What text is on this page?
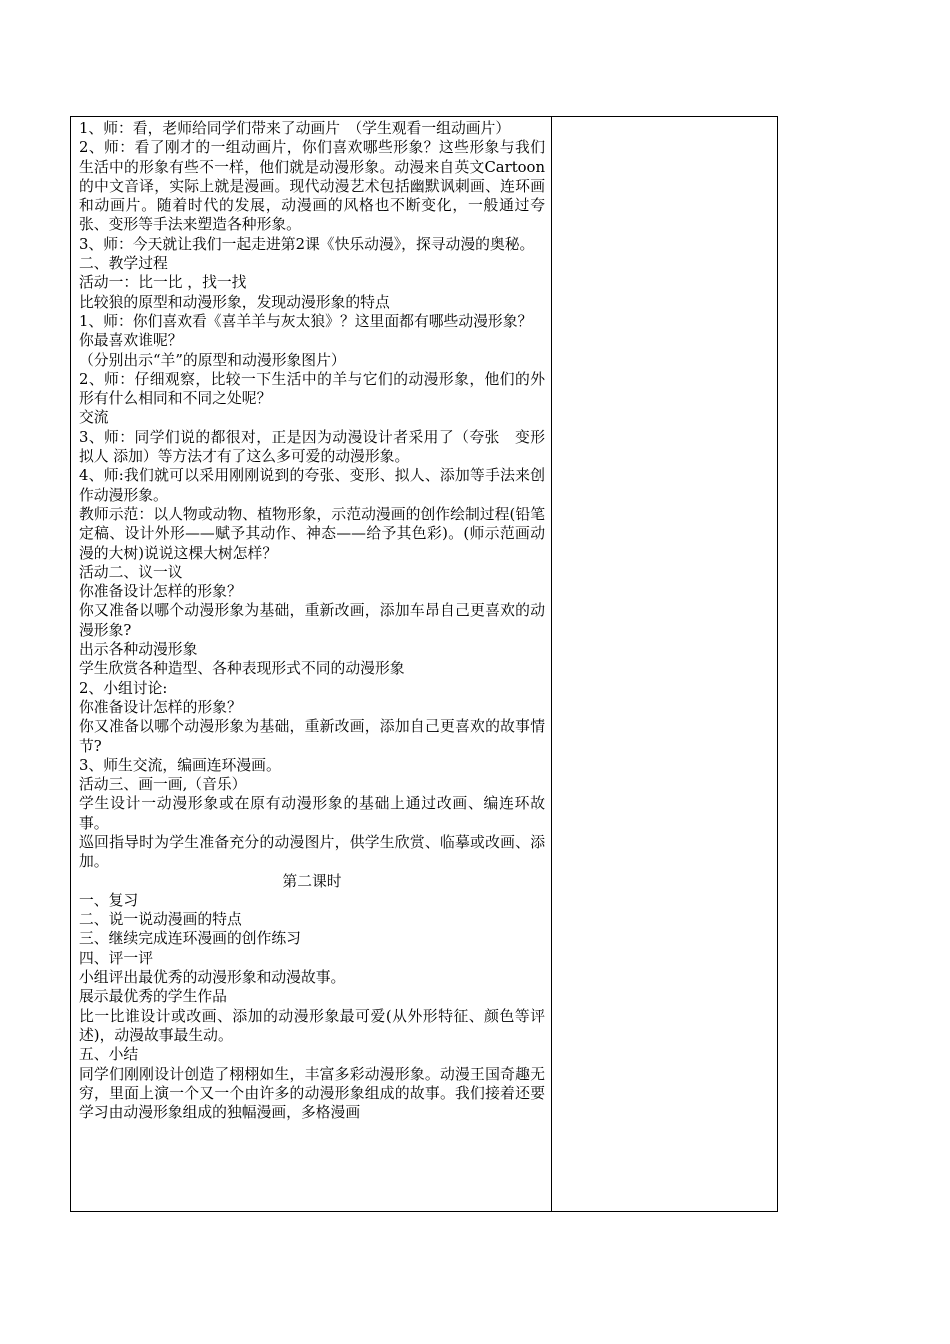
1、师：看，老师给同学们带来了动画片　（学生观看一组动画片）

2、师：看了刚才的一组动画片，你们喜欢哪些形象？这些形象与我们生活中的形象有些不一样，他们就是动漫形象。动漫来自英文Cartoon的中文音译，实际上就是漫画。现代动漫艺术包括幽默讽刺画、连环画和动画片。随着时代的发展，动漫画的风格也不断变化，一般通过夸张、变形等手法来塑造各种形象。

3、师：今天就让我们一起走进第2课《快乐动漫》，探寻动漫的奥秘。

二、教学过程

活动一：比一比 ，找一找

比较狼的原型和动漫形象，发现动漫形象的特点

1、师：你们喜欢看《喜羊羊与灰太狼》？这里面都有哪些动漫形象？

你最喜欢谁呢？

（分别出示“羊”的原型和动漫形象图片）

2、师：仔细观察，比较一下生活中的羊与它们的动漫形象，他们的外形有什么相同和不同之处呢？

交流

3、师：同学们说的都很对，正是因为动漫设计者采用了（夸张　变形　拟人 添加）等方法才有了这么多可爱的动漫形象。

4、师:我们就可以采用刚刚说到的夸张、变形、拟人、添加等手法来创作动漫形象。

教师示范：以人物或动物、植物形象，示范动漫画的创作绘制过程(铅笔定稿、设计外形——赋予其动作、神态——给予其色彩)。(师示范画动漫的大树)说说这棵大树怎样？

活动二、议一议

你准备设计怎样的形象？

你又准备以哪个动漫形象为基础，重新改画，添加车昂自己更喜欢的动漫形象?

出示各种动漫形象

学生欣赏各种造型、各种表现形式不同的动漫形象

2、小组讨论:

你准备设计怎样的形象？

你又准备以哪个动漫形象为基础，重新改画，添加自己更喜欢的故事情节?

3、师生交流，编画连环漫画。

活动三、画一画,（音乐）

学生设计一动漫形象或在原有动漫形象的基础上通过改画、编连环故事。

巡回指导时为学生准备充分的动漫图片，供学生欣赏、临摹或改画、添加。

第二课时

一、复习

二、说一说动漫画的特点

三、继续完成连环漫画的创作练习

四、评一评

小组评出最优秀的动漫形象和动漫故事。

展示最优秀的学生作品

比一比谁设计或改画、添加的动漫形象最可爱(从外形特征、颜色等评述)，动漫故事最生动。

五、小结

同学们刚刚设计创造了栩栩如生，丰富多彩动漫形象。动漫王国奇趣无穷，里面上演一个又一个由许多的动漫形象组成的故事。我们接着还要学习由动漫形象组成的独幅漫画，多格漫画
